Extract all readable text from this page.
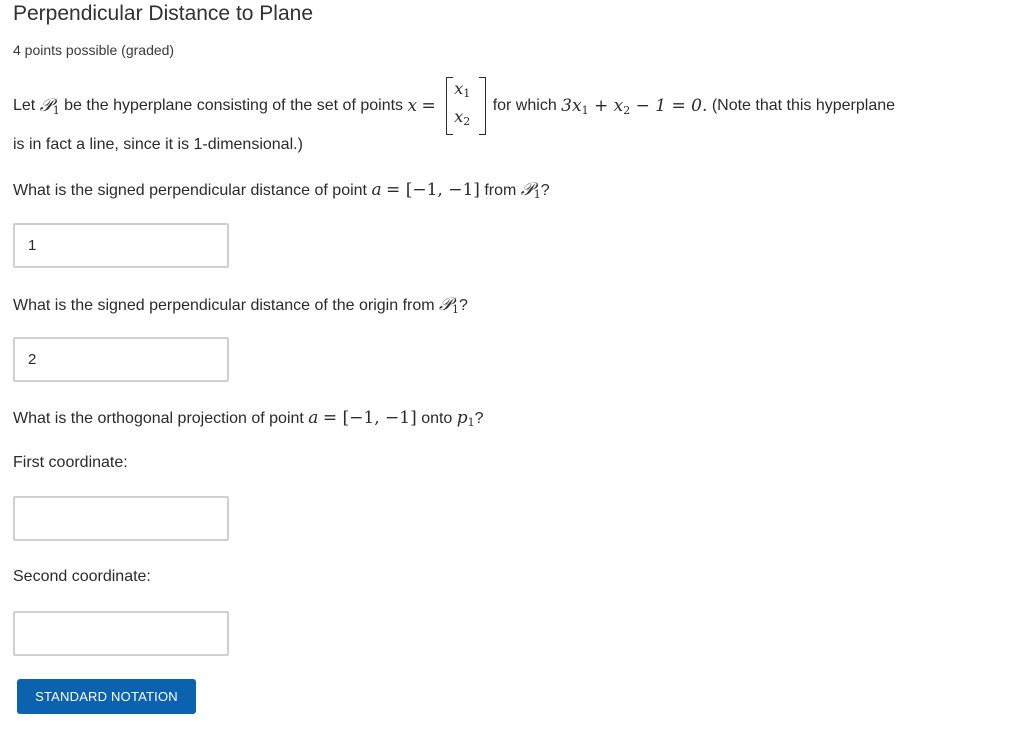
Perpendicular Distance to Plane
4 points possible (graded)
Let
𝒫$_1$
be the hyperplane consisting of the set of points
x
=

$x_1$
$x_2$

for which
$3x_1 + x_2 - 1 = 0$.
(Note that this hyperplane
is in fact a line, since it is 1-dimensional.)
What is the signed perpendicular distance of point a = [−1, −1] from 𝒫$_1$?
1
What is the signed perpendicular distance of the origin from 𝒫$_1$?
2
What is the orthogonal projection of point a = [−1, −1] onto $p_1$?
First coordinate:
Second coordinate:
STANDARD NOTATION
